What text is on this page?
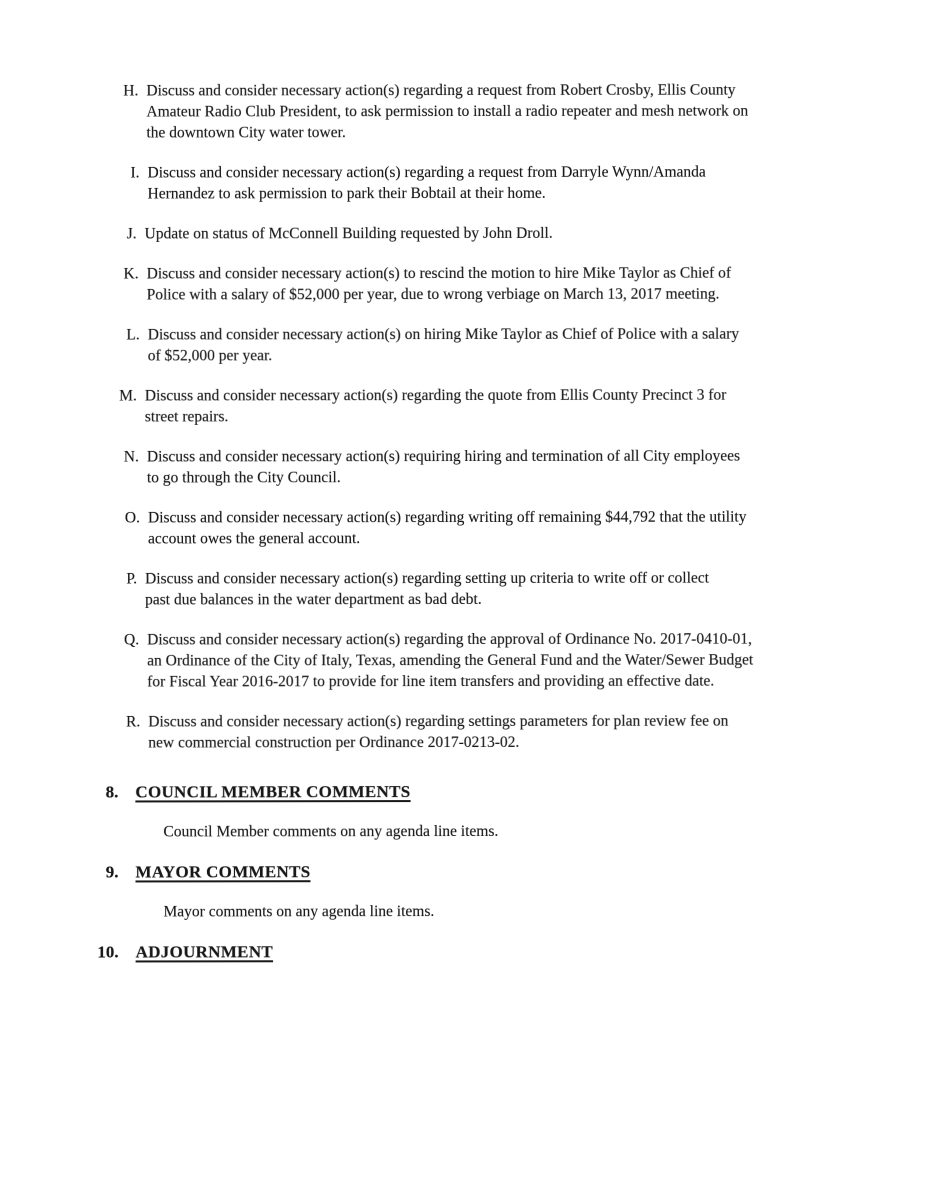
H. Discuss and consider necessary action(s) regarding a request from Robert Crosby, Ellis County
Amateur Radio Club President, to ask permission to install a radio repeater and mesh network on
the downtown City water tower.
I. Discuss and consider necessary action(s) regarding a request from Darryle Wynn/Amanda
Hernandez to ask permission to park their Bobtail at their home.
J. Update on status of McConnell Building requested by John Droll.
K. Discuss and consider necessary action(s) to rescind the motion to hire Mike Taylor as Chief of
Police with a salary of $52,000 per year, due to wrong verbiage on March 13, 2017 meeting.
L. Discuss and consider necessary action(s) on hiring Mike Taylor as Chief of Police with a salary
of $52,000 per year.
M. Discuss and consider necessary action(s) regarding the quote from Ellis County Precinct 3 for
street repairs.
N. Discuss and consider necessary action(s) requiring hiring and termination of all City employees
to go through the City Council.
O. Discuss and consider necessary action(s) regarding writing off remaining $44,792 that the utility
account owes the general account.
P. Discuss and consider necessary action(s) regarding setting up criteria to write off or collect
past due balances in the water department as bad debt.
Q. Discuss and consider necessary action(s) regarding the approval of Ordinance No. 2017-0410-01,
an Ordinance of the City of Italy, Texas, amending the General Fund and the Water/Sewer Budget
for Fiscal Year 2016-2017 to provide for line item transfers and providing an effective date.
R. Discuss and consider necessary action(s) regarding settings parameters for plan review fee on
new commercial construction per Ordinance 2017-0213-02.
8. COUNCIL MEMBER COMMENTS
Council Member comments on any agenda line items.
9. MAYOR COMMENTS
Mayor comments on any agenda line items.
10. ADJOURNMENT
